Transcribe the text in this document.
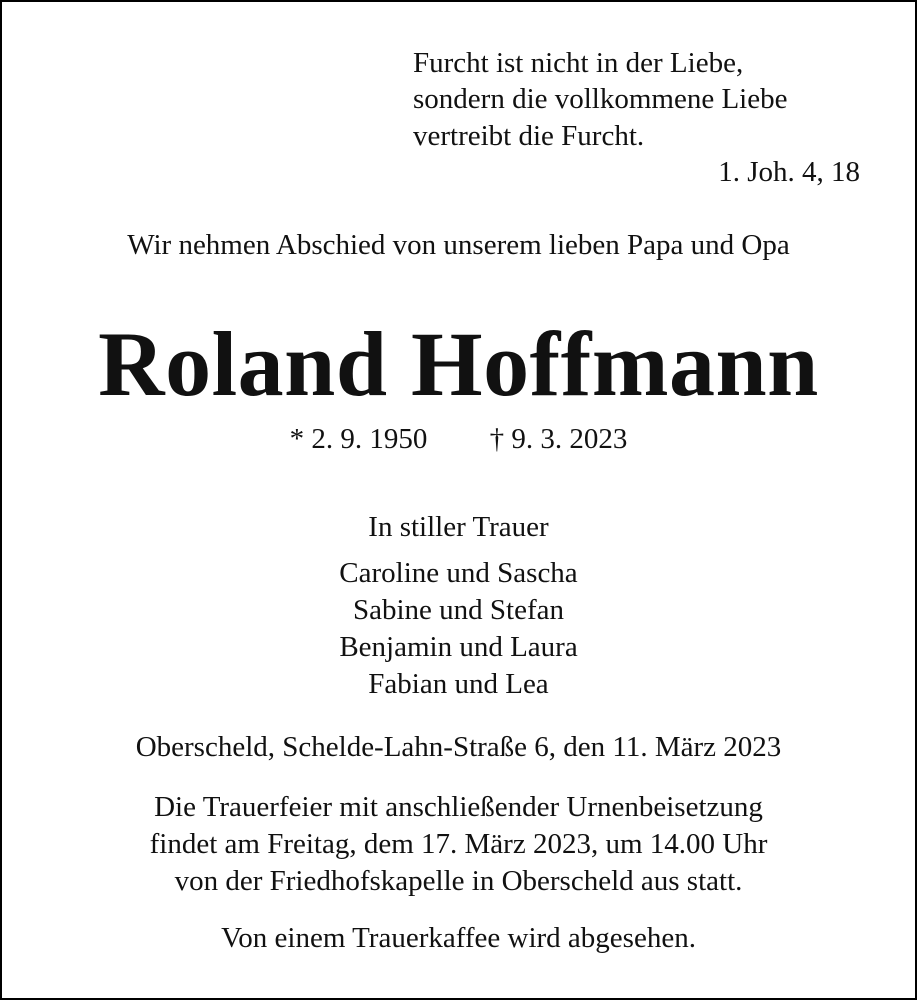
Furcht ist nicht in der Liebe,
sondern die vollkommene Liebe
vertreibt die Furcht.
1. Joh. 4, 18
Wir nehmen Abschied von unserem lieben Papa und Opa
Roland Hoffmann
* 2. 9. 1950 † 9. 3. 2023
In stiller Trauer
Caroline und Sascha
Sabine und Stefan
Benjamin und Laura
Fabian und Lea
Oberscheld, Schelde-Lahn-Straße 6, den 11. März 2023
Die Trauerfeier mit anschließender Urnenbeisetzung
findet am Freitag, dem 17. März 2023, um 14.00 Uhr
von der Friedhofskapelle in Oberscheld aus statt.
Von einem Trauerkaffee wird abgesehen.
